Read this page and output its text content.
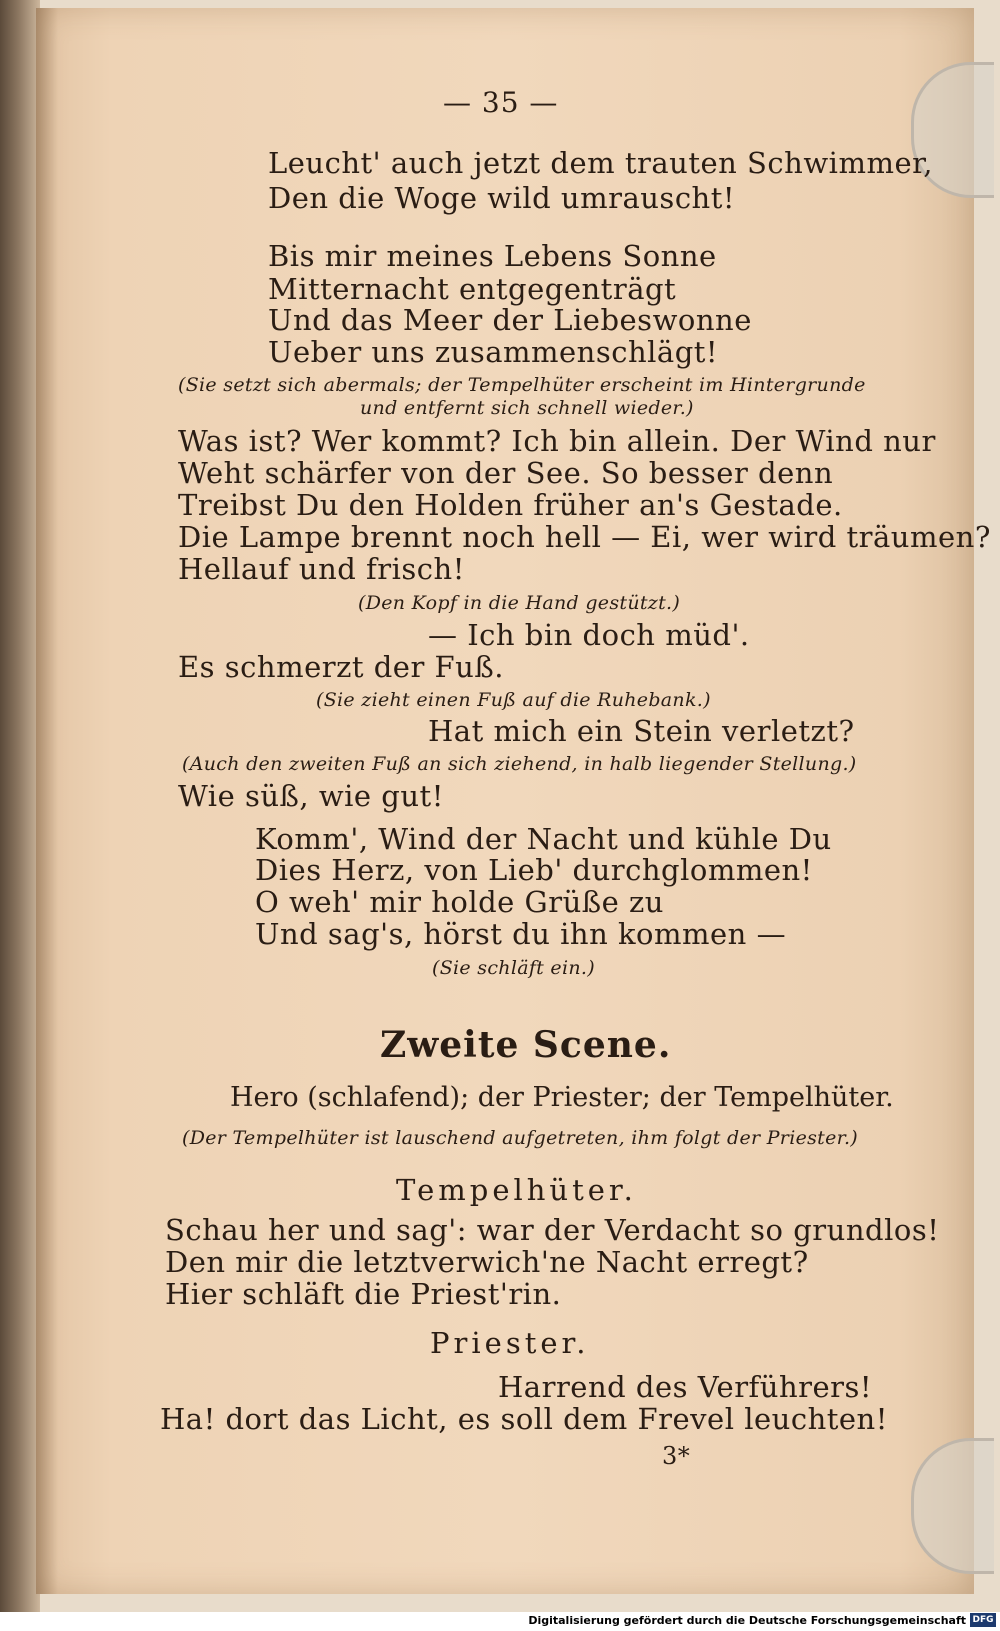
— 35 —
Leucht' auch jetzt dem trauten Schwimmer,
Den die Woge wild umrauscht!
Bis mir meines Lebens Sonne
Mitternacht entgegenträgt
Und das Meer der Liebeswonne
Ueber uns zusammenschlägt!
(Sie setzt sich abermals; der Tempelhüter erscheint im Hintergrunde
und entfernt sich schnell wieder.)
Was ist? Wer kommt? Ich bin allein. Der Wind nur
Weht schärfer von der See. So besser denn
Treibst Du den Holden früher an's Gestade.
Die Lampe brennt noch hell — Ei, wer wird träumen?
Hellauf und frisch!
(Den Kopf in die Hand gestützt.)
— Ich bin doch müd'.
Es schmerzt der Fuß.
(Sie zieht einen Fuß auf die Ruhebank.)
Hat mich ein Stein verletzt?
(Auch den zweiten Fuß an sich ziehend, in halb liegender Stellung.)
Wie süß, wie gut!
Komm', Wind der Nacht und kühle Du
Dies Herz, von Lieb' durchglommen!
O weh' mir holde Grüße zu
Und sag's, hörst du ihn kommen —
(Sie schläft ein.)
Zweite Scene.
Hero (schlafend); der Priester; der Tempelhüter.
(Der Tempelhüter ist lauschend aufgetreten, ihm folgt der Priester.)
Tempelhüter.
Schau her und sag': war der Verdacht so grundlos!
Den mir die letztverwich'ne Nacht erregt?
Hier schläft die Priest'rin.
Priester.
Harrend des Verführers!
Ha! dort das Licht, es soll dem Frevel leuchten!
3*
Digitalisierung gefördert durch die Deutsche Forschungsgemeinschaft DFG
